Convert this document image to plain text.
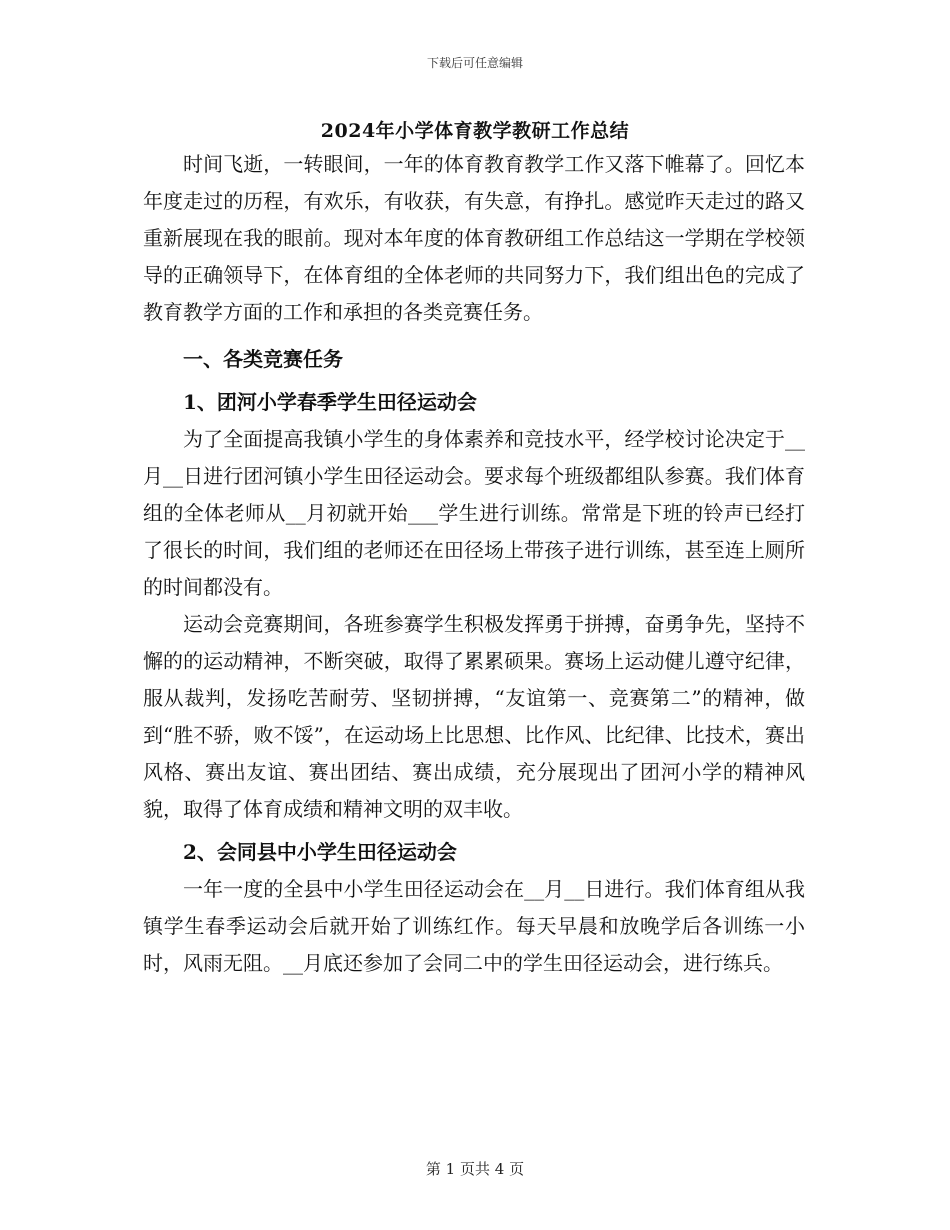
下载后可任意编辑
2024年小学体育教学教研工作总结

时间飞逝，一转眼间，一年的体育教育教学工作又落下帷幕了。回忆本年度走过的历程，有欢乐，有收获，有失意，有挣扎。感觉昨天走过的路又重新展现在我的眼前。现对本年度的体育教研组工作总结这一学期在学校领导的正确领导下，在体育组的全体老师的共同努力下，我们组出色的完成了教育教学方面的工作和承担的各类竞赛任务。

一、各类竞赛任务
1、团河小学春季学生田径运动会

为了全面提高我镇小学生的身体素养和竞技水平，经学校讨论决定于__月__日进行团河镇小学生田径运动会。要求每个班级都组队参赛。我们体育组的全体老师从__月初就开始___学生进行训练。常常是下班的铃声已经打了很长的时间，我们组的老师还在田径场上带孩子进行训练，甚至连上厕所的时间都没有。

运动会竞赛期间，各班参赛学生积极发挥勇于拼搏，奋勇争先，坚持不懈的的运动精神，不断突破，取得了累累硕果。赛场上运动健儿遵守纪律，服从裁判，发扬吃苦耐劳、坚韧拼搏，“友谊第一、竞赛第二”的精神，做到“胜不骄，败不馁”，在运动场上比思想、比作风、比纪律、比技术，赛出风格、赛出友谊、赛出团结、赛出成绩，充分展现出了团河小学的精神风貌，取得了体育成绩和精神文明的双丰收。

2、会同县中小学生田径运动会

一年一度的全县中小学生田径运动会在__月__日进行。我们体育组从我镇学生春季运动会后就开始了训练红作。每天早晨和放晚学后各训练一小时，风雨无阻。__月底还参加了会同二中的学生田径运动会，进行练兵。

第 1 页共 4 页
